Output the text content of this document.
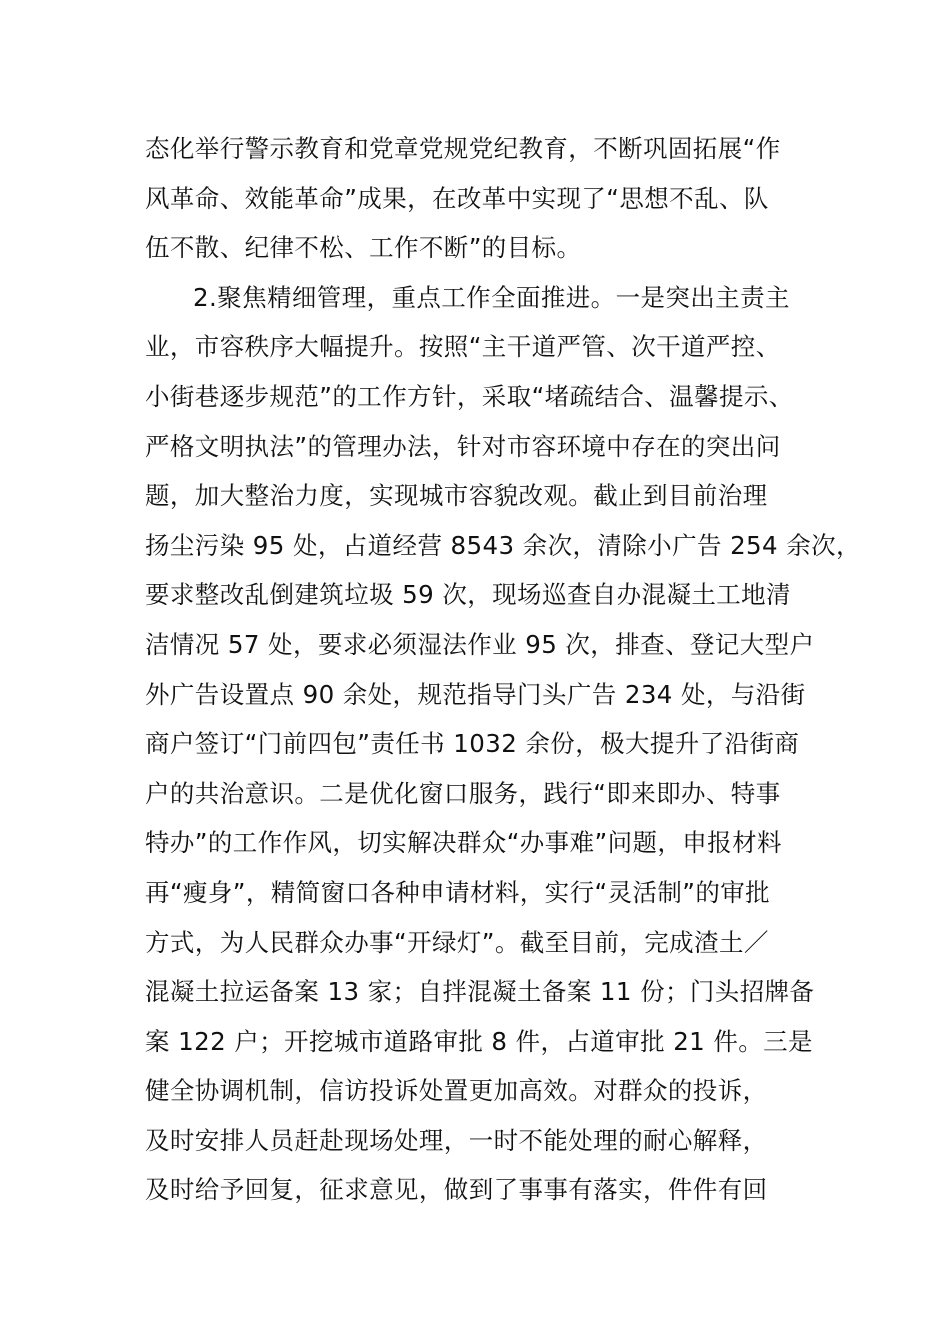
态化举行警示教育和党章党规党纪教育，不断巩固拓展“作
风革命、效能革命”成果，在改革中实现了“思想不乱、队
伍不散、纪律不松、工作不断”的目标。
2.聚焦精细管理，重点工作全面推进。一是突出主责主
业，市容秩序大幅提升。按照“主干道严管、次干道严控、
小街巷逐步规范”的工作方针，采取“堵疏结合、温馨提示、
严格文明执法”的管理办法，针对市容环境中存在的突出问
题，加大整治力度，实现城市容貌改观。截止到目前治理
扬尘污染 95 处，占道经营 8543 余次，清除小广告 254 余次，
要求整改乱倒建筑垃圾 59 次，现场巡查自办混凝土工地清
洁情况 57 处，要求必须湿法作业 95 次，排查、登记大型户
外广告设置点 90 余处，规范指导门头广告 234 处，与沿街
商户签订“门前四包”责任书 1032 余份，极大提升了沿街商
户的共治意识。二是优化窗口服务，践行“即来即办、特事
特办”的工作作风，切实解决群众“办事难”问题，申报材料
再“瘦身”，精简窗口各种申请材料，实行“灵活制”的审批
方式，为人民群众办事“开绿灯”。截至目前，完成渣土／
混凝土拉运备案 13 家；自拌混凝土备案 11 份；门头招牌备
案 122 户；开挖城市道路审批 8 件，占道审批 21 件。三是
健全协调机制，信访投诉处置更加高效。对群众的投诉，
及时安排人员赶赴现场处理，一时不能处理的耐心解释，
及时给予回复，征求意见，做到了事事有落实，件件有回
